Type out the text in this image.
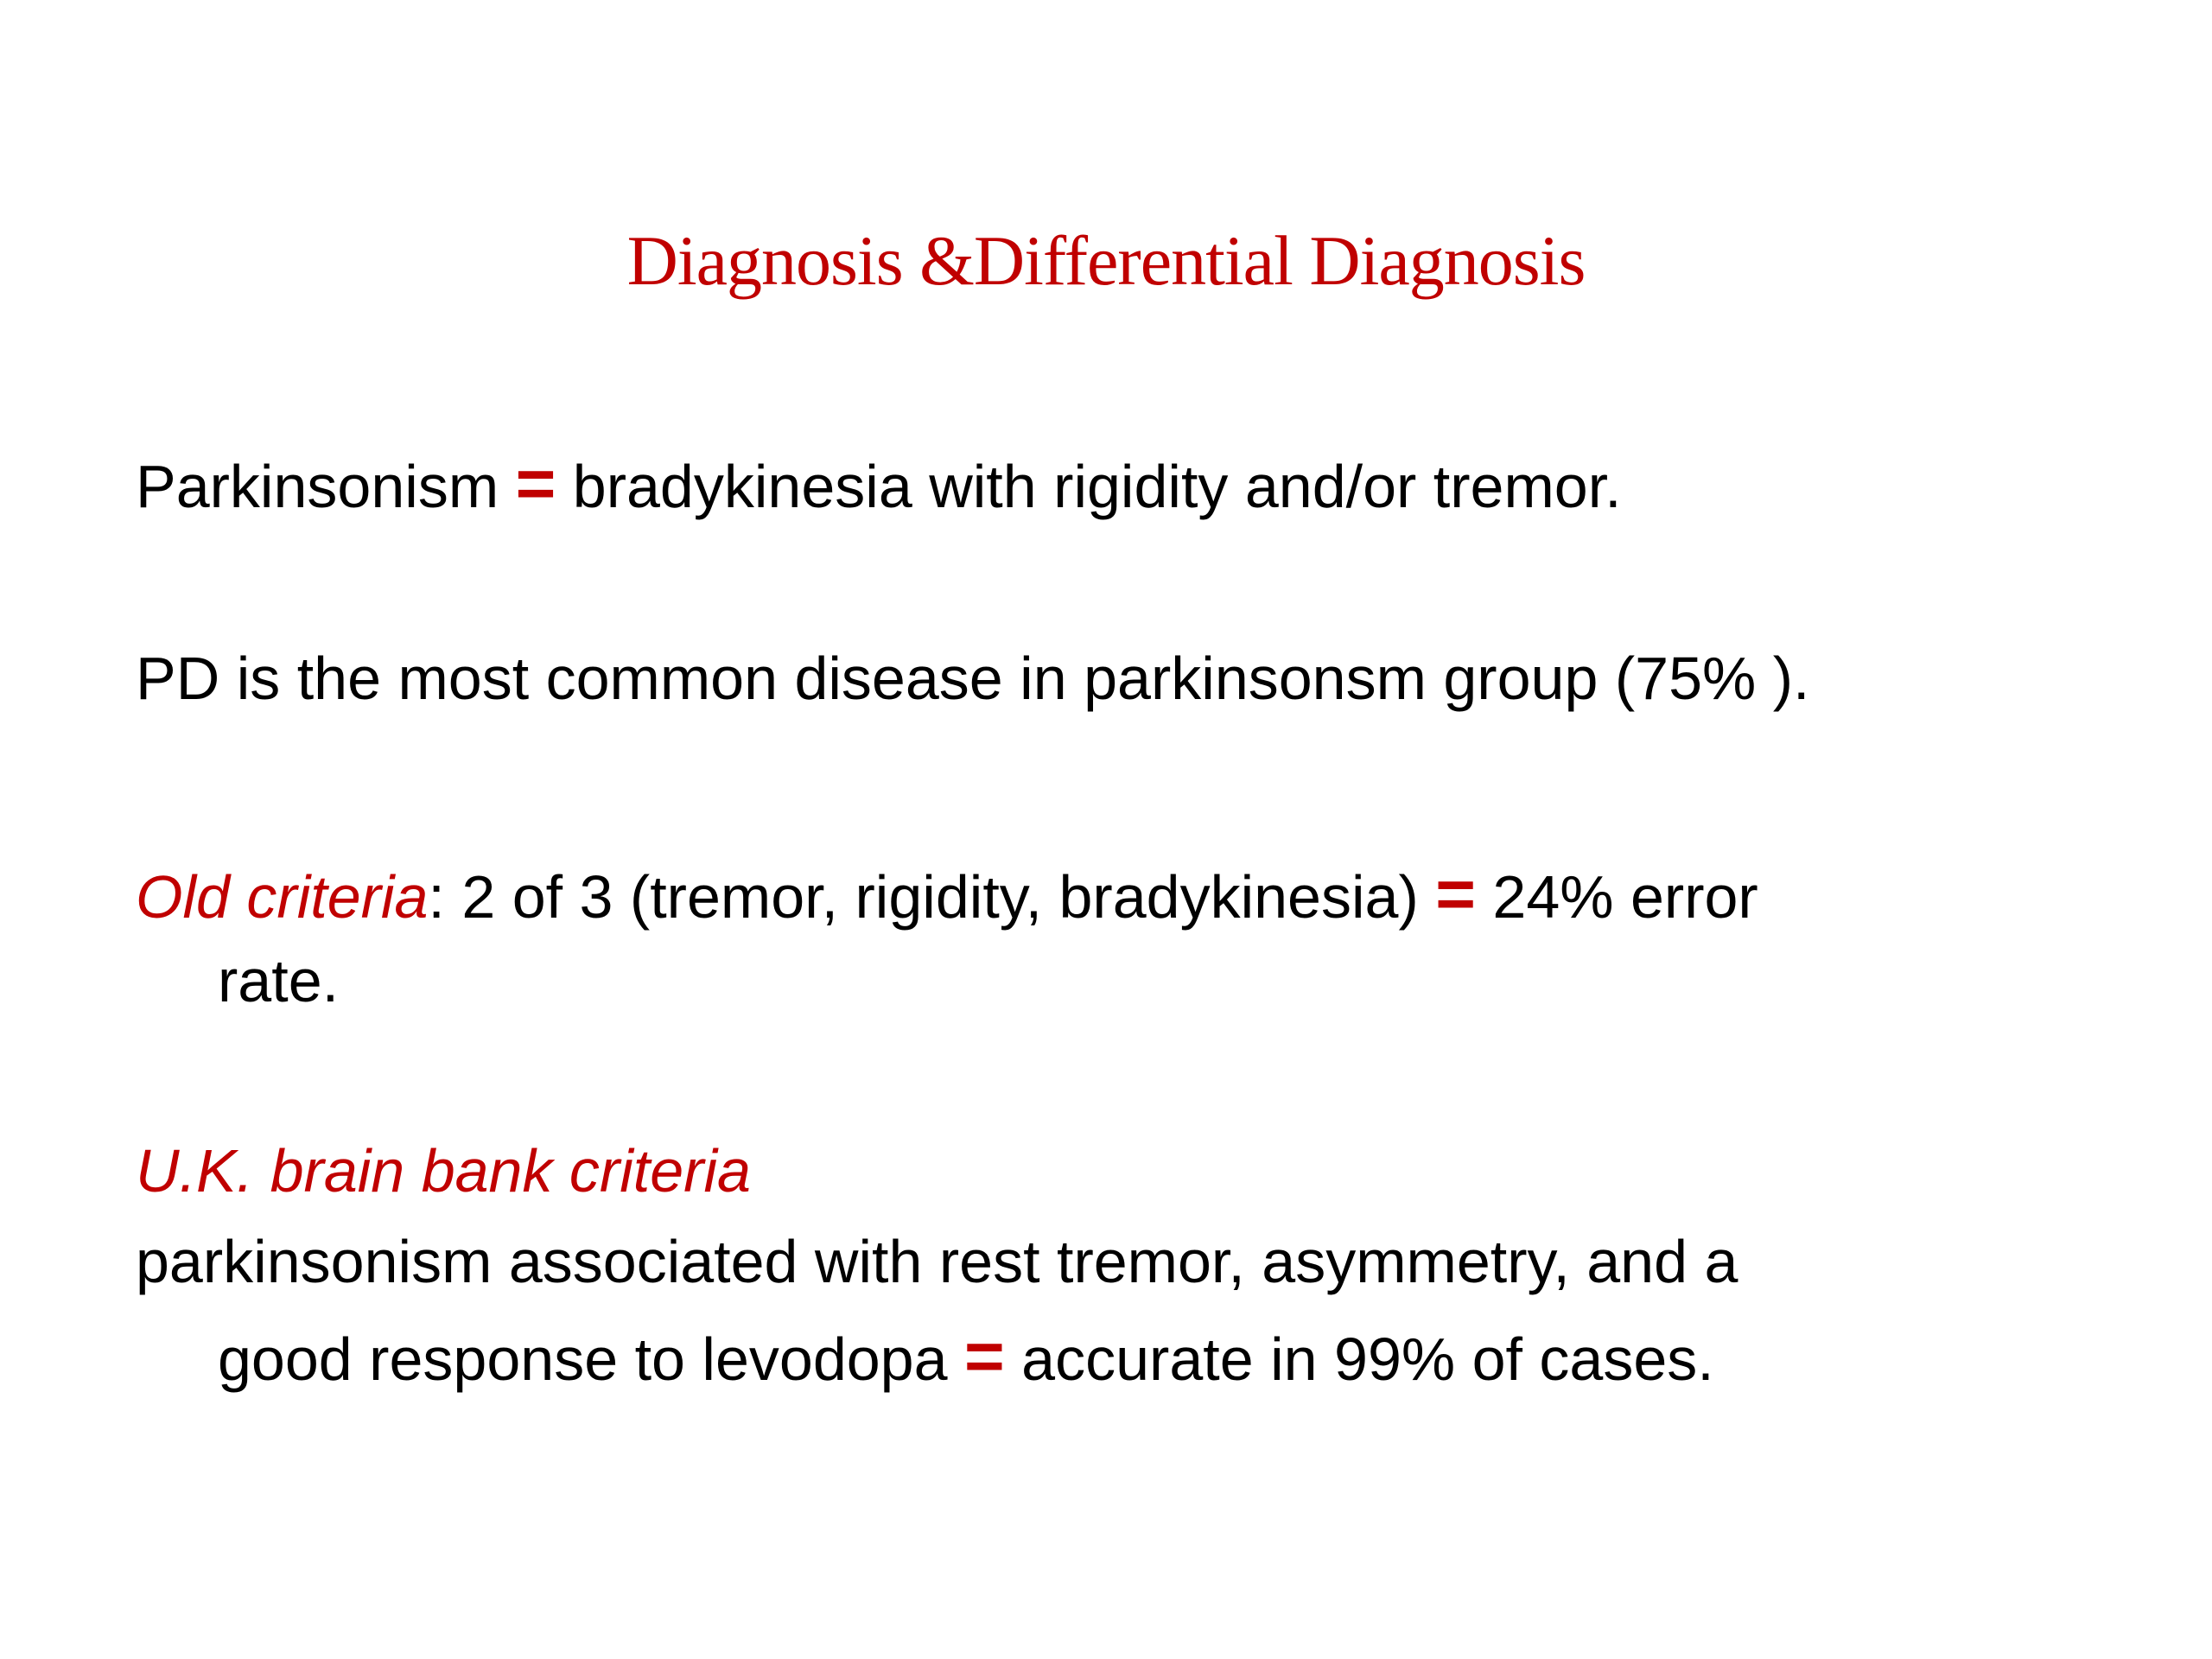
Diagnosis &Differential Diagnosis
Parkinsonism = bradykinesia with rigidity and/or tremor.
PD is the most common disease in parkinsonsm group (75% ).
Old criteria: 2 of 3 (tremor, rigidity, bradykinesia) = 24% error
rate.
U.K. brain bank criteria
parkinsonism associated with rest tremor, asymmetry, and a
good response to levodopa = accurate in 99% of cases.
